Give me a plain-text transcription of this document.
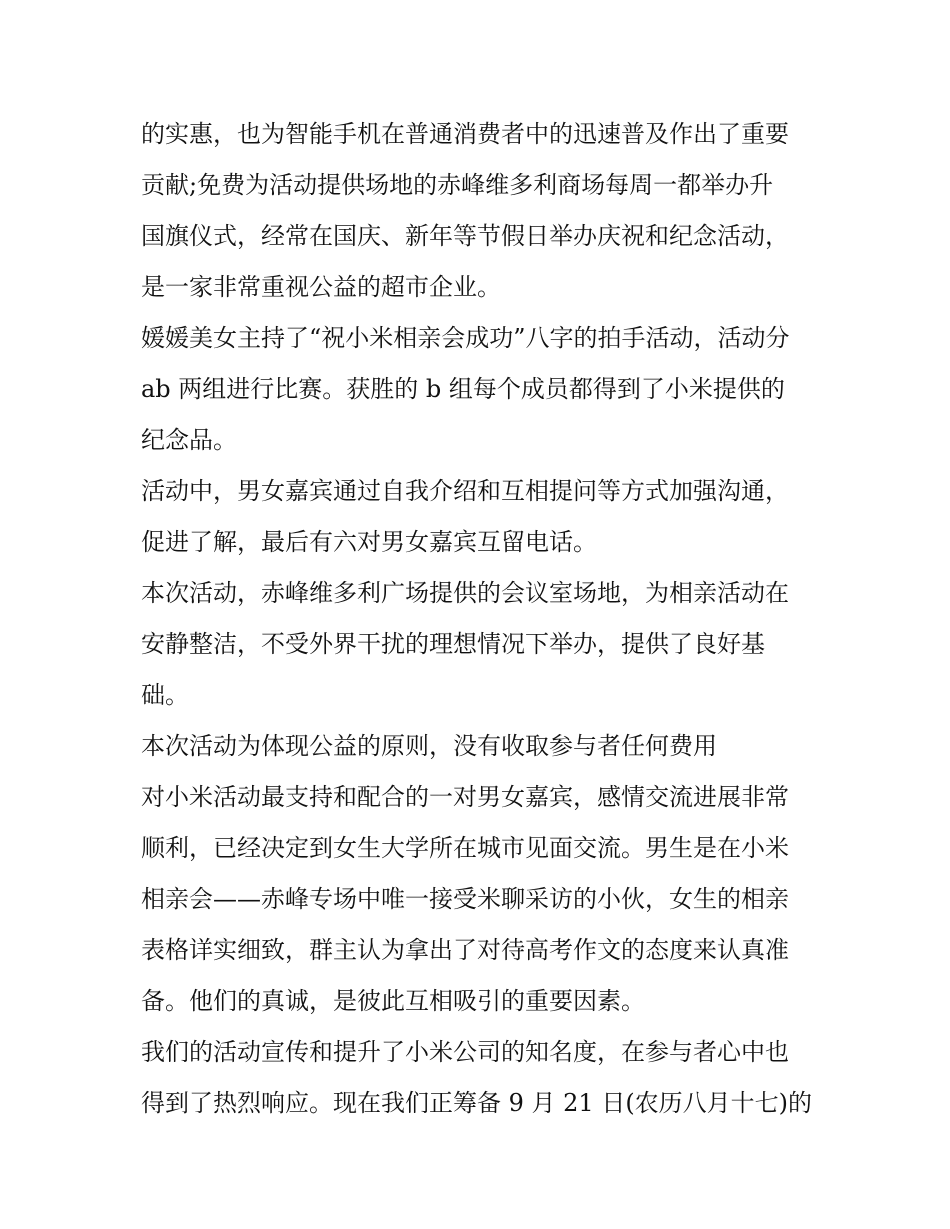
的实惠，也为智能手机在普通消费者中的迅速普及作出了重要
贡献;免费为活动提供场地的赤峰维多利商场每周一都举办升
国旗仪式，经常在国庆、新年等节假日举办庆祝和纪念活动，
是一家非常重视公益的超市企业。
媛媛美女主持了“祝小米相亲会成功”八字的拍手活动，活动分
ab 两组进行比赛。获胜的 b 组每个成员都得到了小米提供的
纪念品。
活动中，男女嘉宾通过自我介绍和互相提问等方式加强沟通，
促进了解，最后有六对男女嘉宾互留电话。
本次活动，赤峰维多利广场提供的会议室场地，为相亲活动在
安静整洁，不受外界干扰的理想情况下举办，提供了良好基
础。
本次活动为体现公益的原则，没有收取参与者任何费用
对小米活动最支持和配合的一对男女嘉宾，感情交流进展非常
顺利，已经决定到女生大学所在城市见面交流。男生是在小米
相亲会——赤峰专场中唯一接受米聊采访的小伙，女生的相亲
表格详实细致，群主认为拿出了对待高考作文的态度来认真准
备。他们的真诚，是彼此互相吸引的重要因素。
我们的活动宣传和提升了小米公司的知名度，在参与者心中也
得到了热烈响应。现在我们正筹备 9 月 21 日(农历八月十七)的
